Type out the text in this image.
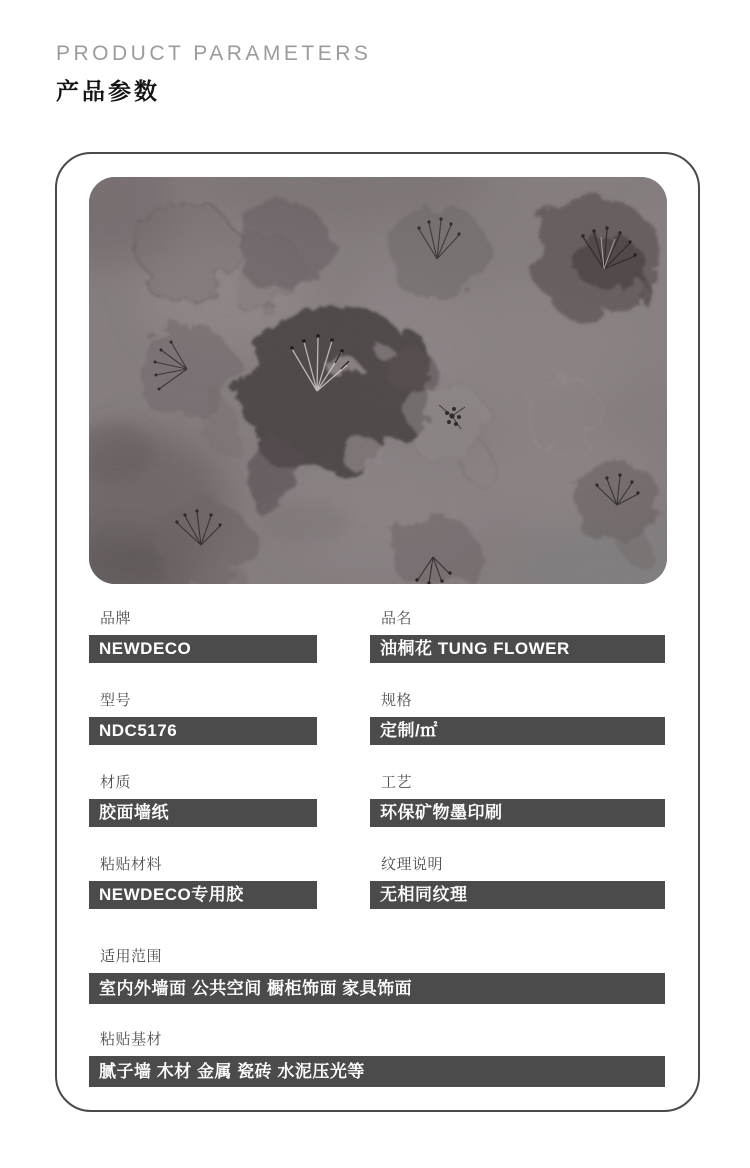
PRODUCT PARAMETERS
产品参数
品牌
NEWDECO
品名
油桐花 TUNG FLOWER
型号
NDC5176
规格
定制/㎡
材质
胶面墙纸
工艺
环保矿物墨印刷
粘贴材料
NEWDECO专用胶
纹理说明
无相同纹理
适用范围
室内外墙面 公共空间 橱柜饰面 家具饰面
粘贴基材
腻子墙 木材 金属 瓷砖 水泥压光等
